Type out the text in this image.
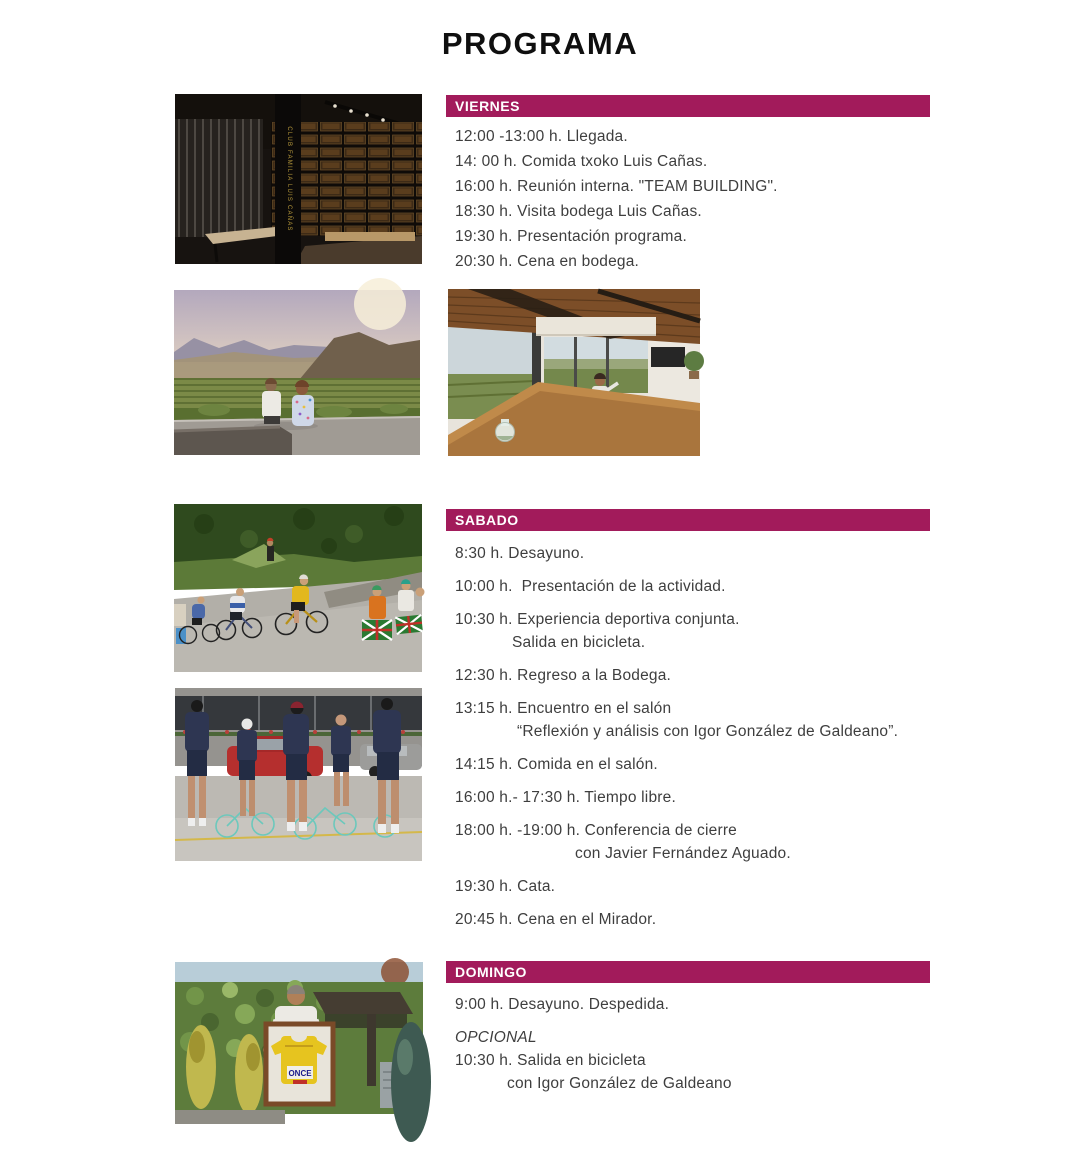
PROGRAMA
CLUB FAMILIA LUIS CAÑAS
ONCE
VIERNES
12:00 -13:00 h. Llegada.
14: 00 h. Comida txoko Luis Cañas.
16:00 h. Reunión interna. "TEAM BUILDING".
18:30 h. Visita bodega Luis Cañas.
19:30 h. Presentación programa.
20:30 h. Cena en bodega.
SABADO
8:30 h. Desayuno.
10:00 h.  Presentación de la actividad.
10:30 h. Experiencia deportiva conjunta.
Salida en bicicleta.
12:30 h. Regreso a la Bodega.
13:15 h. Encuentro en el salón
“Reflexión y análisis con Igor González de Galdeano”.
14:15 h. Comida en el salón.
16:00 h.- 17:30 h. Tiempo libre.
18:00 h. -19:00 h. Conferencia de cierre
con Javier Fernández Aguado.
19:30 h. Cata.
20:45 h. Cena en el Mirador.
DOMINGO
9:00 h. Desayuno. Despedida.
OPCIONAL
10:30 h. Salida en bicicleta
con Igor González de Galdeano
